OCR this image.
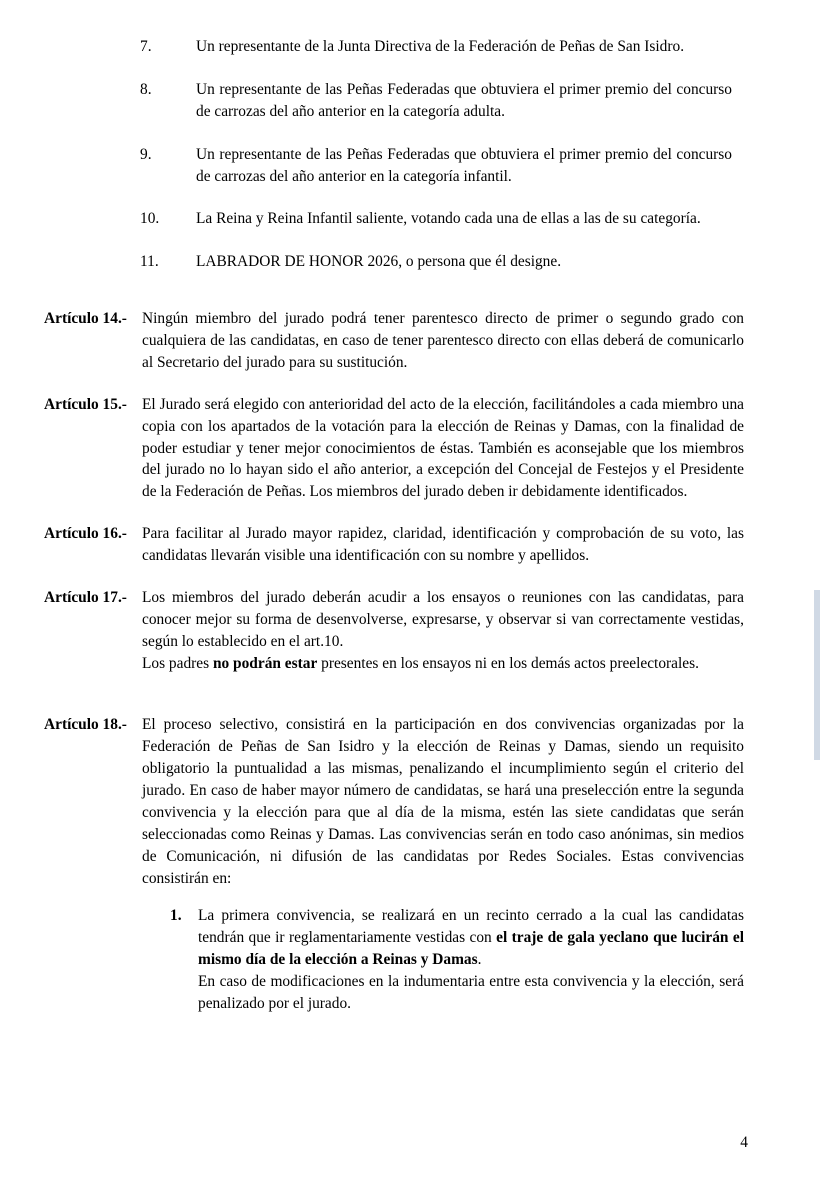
7.	Un representante de la Junta Directiva de la Federación de Peñas de San Isidro.
8.	Un representante de las Peñas Federadas que obtuviera el primer premio del concurso de carrozas del año anterior en la categoría adulta.
9.	Un representante de las Peñas Federadas que obtuviera el primer premio del concurso de carrozas del año anterior en la categoría infantil.
10.	La Reina y Reina Infantil saliente, votando cada una de ellas a las de su categoría.
11.	LABRADOR DE HONOR 2026, o persona que él designe.
Artículo 14.- Ningún miembro del jurado podrá tener parentesco directo de primer o segundo grado con cualquiera de las candidatas, en caso de tener parentesco directo con ellas deberá de comunicarlo al Secretario del jurado para su sustitución.

Artículo 15.- El Jurado será elegido con anterioridad del acto de la elección, facilitándoles a cada miembro una copia con los apartados de la votación para la elección de Reinas y Damas, con la finalidad de poder estudiar y tener mejor conocimientos de éstas. También es aconsejable que los miembros del jurado no lo hayan sido el año anterior, a excepción del Concejal de Festejos y el Presidente de la Federación de Peñas. Los miembros del jurado deben ir debidamente identificados.

Artículo 16.- Para facilitar al Jurado mayor rapidez, claridad, identificación y comprobación de su voto, las candidatas llevarán visible una identificación con su nombre y apellidos.

Artículo 17.- Los miembros del jurado deberán acudir a los ensayos o reuniones con las candidatas, para conocer mejor su forma de desenvolverse, expresarse, y observar si van correctamente vestidas, según lo establecido en el art.10.

Los padres no podrán estar presentes en los ensayos ni en los demás actos preelectorales.

Artículo 18.- El proceso selectivo, consistirá en la participación en dos convivencias organizadas por la Federación de Peñas de San Isidro y la elección de Reinas y Damas, siendo un requisito obligatorio la puntualidad a las mismas, penalizando el incumplimiento según el criterio del jurado. En caso de haber mayor número de candidatas, se hará una preselección entre la segunda convivencia y la elección para que al día de la misma, estén las siete candidatas que serán seleccionadas como Reinas y Damas. Las convivencias serán en todo caso anónimas, sin medios de Comunicación, ni difusión de las candidatas por Redes Sociales. Estas convivencias consistirán en:

1. La primera convivencia, se realizará en un recinto cerrado a la cual las candidatas tendrán que ir reglamentariamente vestidas con el traje de gala yeclano que lucirán el mismo día de la elección a Reinas y Damas.

En caso de modificaciones en la indumentaria entre esta convivencia y la elección, será penalizado por el jurado.

4
